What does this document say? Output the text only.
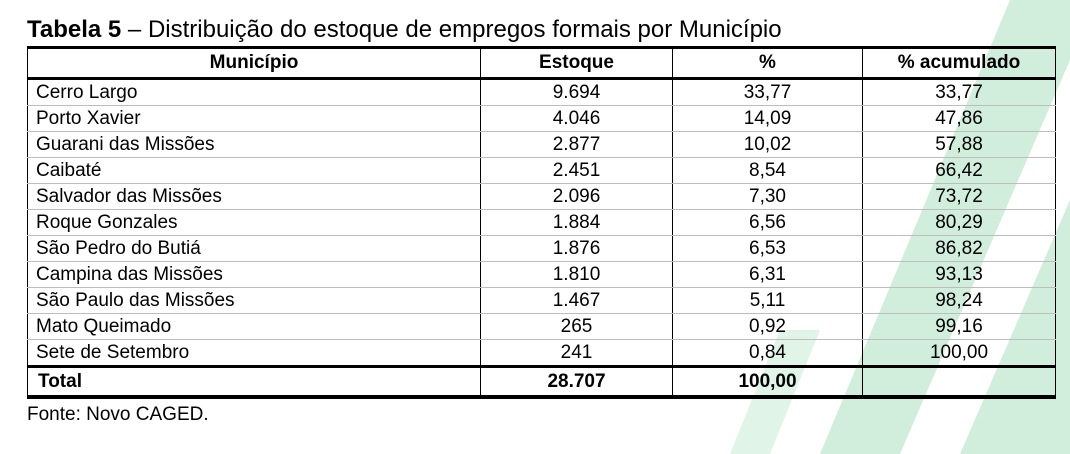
Tabela 5 – Distribuição do estoque de empregos formais por Município
Município	Estoque	%	% acumulado
Cerro Largo	9.694	33,77	33,77
Porto Xavier	4.046	14,09	47,86
Guarani das Missões	2.877	10,02	57,88
Caibaté	2.451	8,54	66,42
Salvador das Missões	2.096	7,30	73,72
Roque Gonzales	1.884	6,56	80,29
São Pedro do Butiá	1.876	6,53	86,82
Campina das Missões	1.810	6,31	93,13
São Paulo das Missões	1.467	5,11	98,24
Mato Queimado	265	0,92	99,16
Sete de Setembro	241	0,84	100,00
Total	28.707	100,00	
Fonte: Novo CAGED.
